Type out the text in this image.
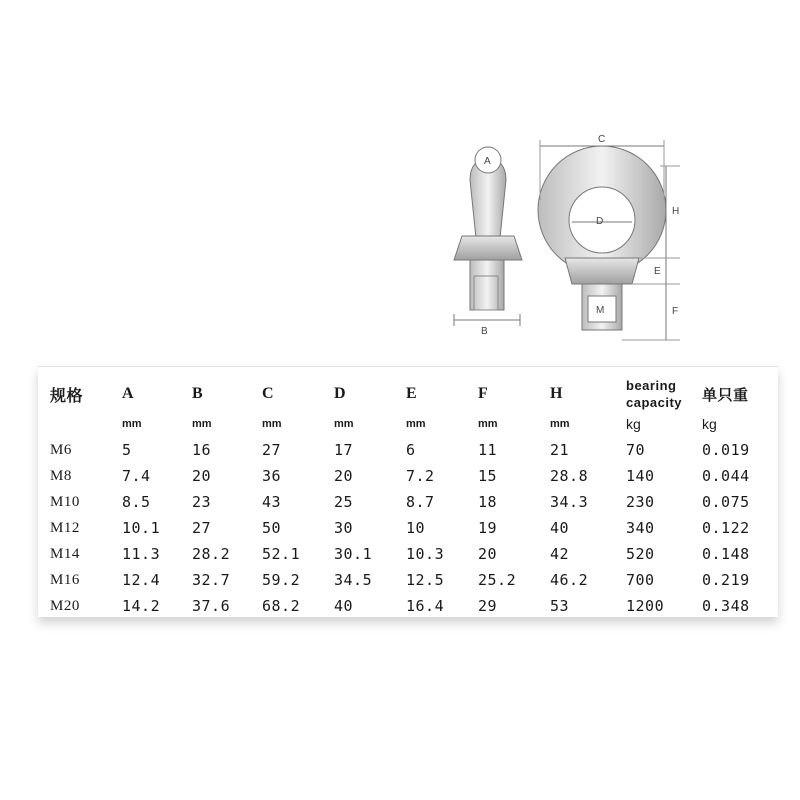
A
B
C
D
H
E
F
M
规格	A	B	C	D	E	F	H	bearing
capacity	单只重
	mm	mm	mm	mm	mm	mm	mm	kg	kg
M6	5	16	27	17	6	11	21	70	0.019
M8	7.4	20	36	20	7.2	15	28.8	140	0.044
M10	8.5	23	43	25	8.7	18	34.3	230	0.075
M12	10.1	27	50	30	10	19	40	340	0.122
M14	11.3	28.2	52.1	30.1	10.3	20	42	520	0.148
M16	12.4	32.7	59.2	34.5	12.5	25.2	46.2	700	0.219
M20	14.2	37.6	68.2	40	16.4	29	53	1200	0.348
